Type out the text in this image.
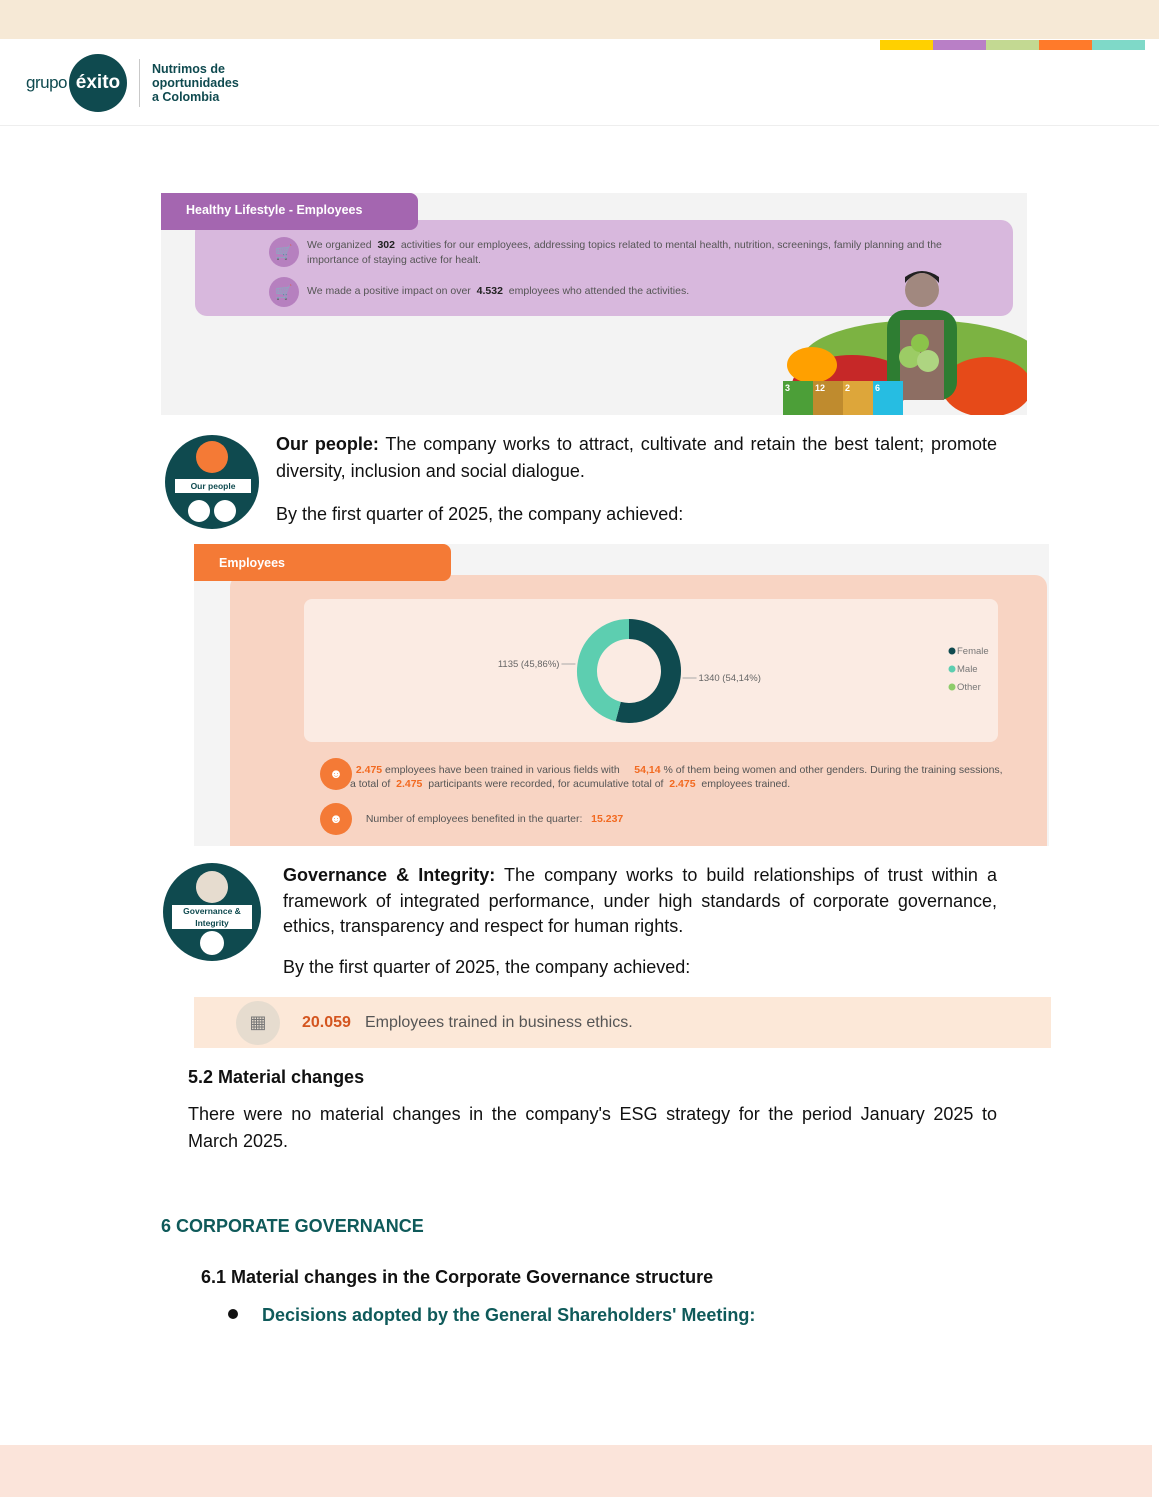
grupo éxito
Nutrimos de
oportunidades
a Colombia
Healthy Lifestyle - Employees
🛒	We organized 302 activities for our employees, addressing topics related to mental health, nutrition, screenings, family planning and the importance of staying active for healt.
🛒	We made a positive impact on over 4.532 employees who attended the activities.
3	12	2	6
Our people
Our people: The company works to attract, cultivate and retain the best talent; promote diversity, inclusion and social dialogue.
By the first quarter of 2025, the company achieved:
Employees
1340 (54,14%)
1135 (45,86%)
Female
Male
Other
☻	2.475 employees have been trained in various fields with 54,14 % of them being women and other genders. During the training sessions, a total of 2.475 participants were recorded, for acumulative total of 2.475 employees trained.
☻	Number of employees benefited in the quarter: 15.237
Governance &
Integrity
Governance & Integrity: The company works to build relationships of trust within a framework of integrated performance, under high standards of corporate governance, ethics, transparency and respect for human rights.
By the first quarter of 2025, the company achieved:
▦	20.059 Employees trained in business ethics.
5.2 Material changes
There were no material changes in the company's ESG strategy for the period January 2025 to March 2025.
6 CORPORATE GOVERNANCE
6.1 Material changes in the Corporate Governance structure
Decisions adopted by the General Shareholders' Meeting:
